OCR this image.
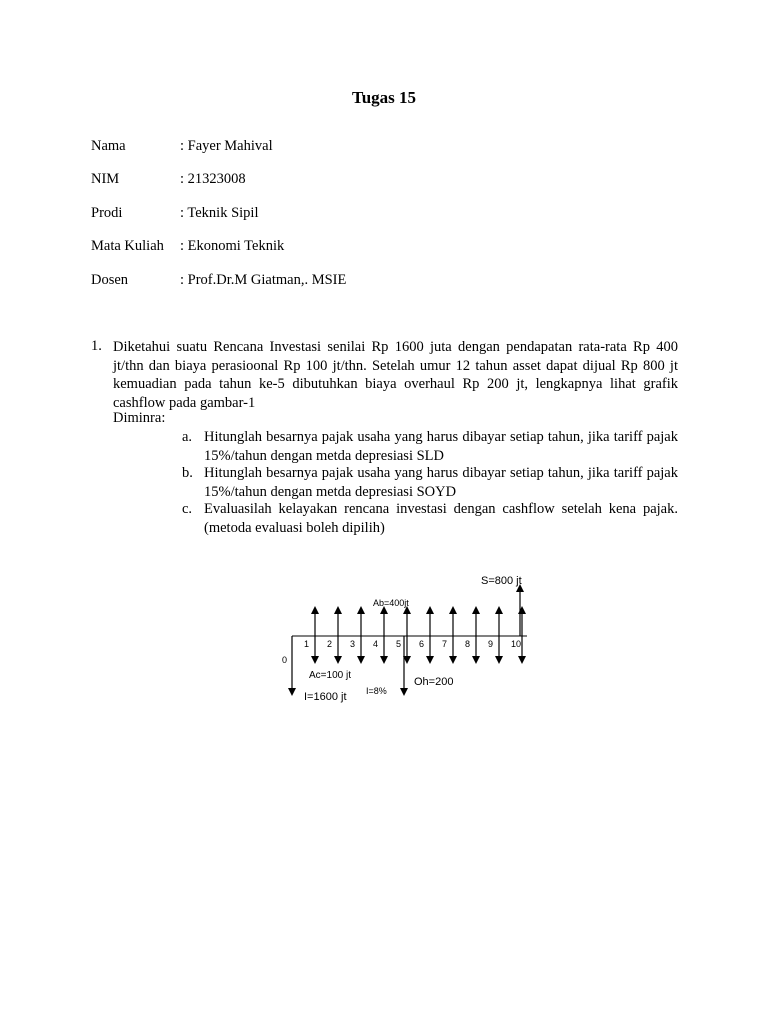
Tugas 15
Nama	: Fayer Mahival
NIM	: 21323008
Prodi	: Teknik Sipil
Mata Kuliah : Ekonomi Teknik
Dosen	: Prof.Dr.M Giatman,. MSIE
1. Diketahui suatu Rencana Investasi senilai Rp 1600 juta dengan pendapatan rata-rata Rp 400 jt/thn dan biaya perasioonal Rp 100 jt/thn. Setelah umur 12 tahun asset dapat dijual Rp 800 jt kemuadian pada tahun ke-5 dibutuhkan biaya overhaul Rp 200 jt, lengkapnya lihat grafik cashflow pada gambar-1
Diminra:
a. Hitunglah besarnya pajak usaha yang harus dibayar setiap tahun, jika tariff pajak 15%/tahun dengan metda depresiasi SLD
b. Hitunglah besarnya pajak usaha yang harus dibayar setiap tahun, jika tariff pajak 15%/tahun dengan metda depresiasi SOYD
c. Evaluasilah kelayakan rencana investasi dengan cashflow setelah kena pajak.(metoda evaluasi boleh dipilih)
1 2 3 4 5 6 7 8 9 10
S=800 jt
Ab=400jt
Ac=100 jt
I=1600 jt
Oh=200
I=8%
0
